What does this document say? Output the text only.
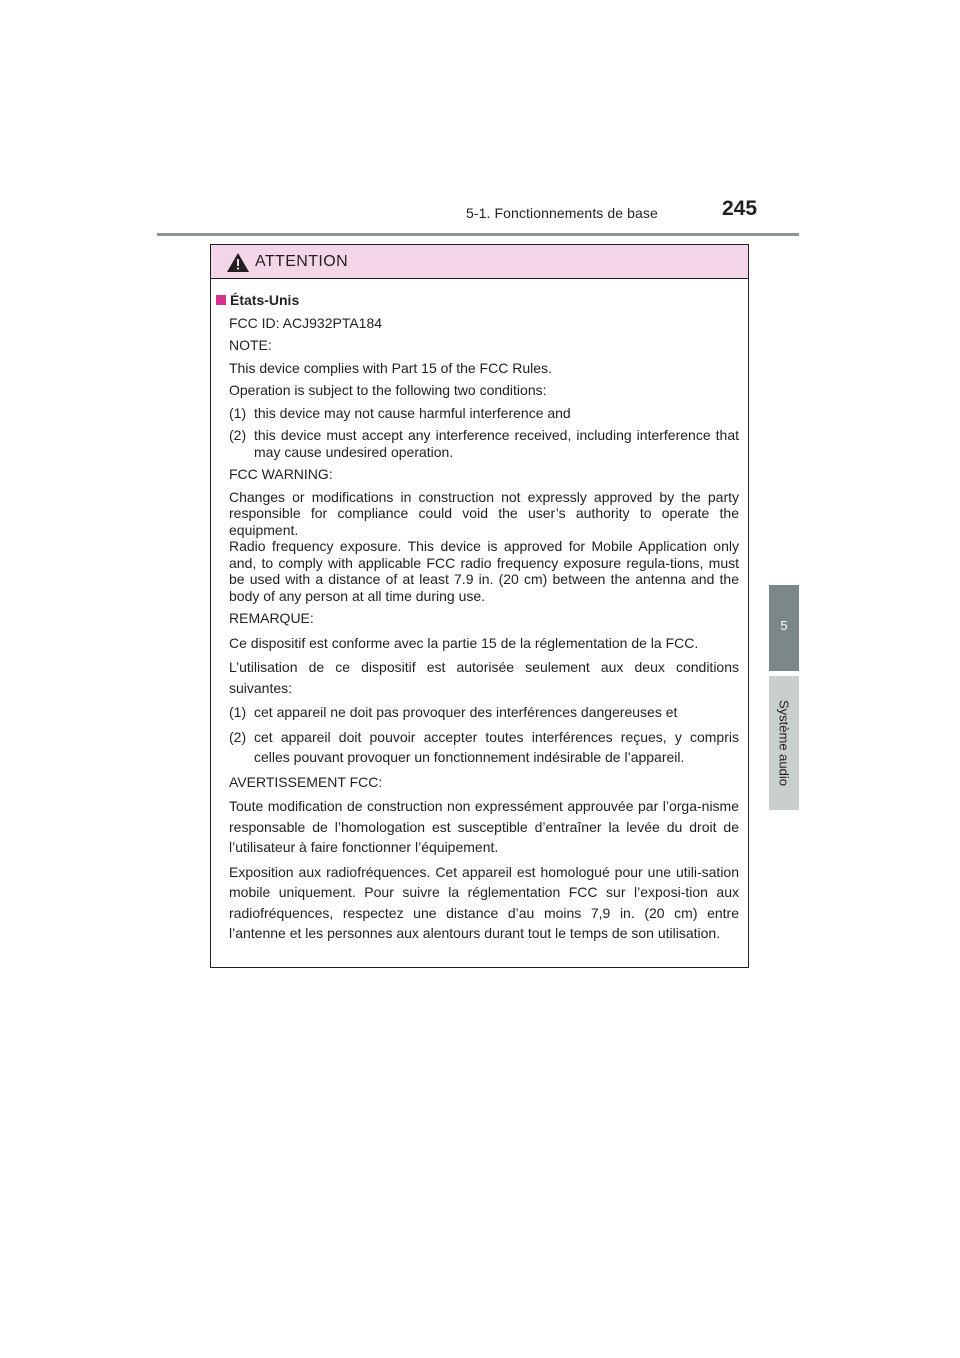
5-1. Fonctionnements de base	245
5
Système audio
ATTENTION
États-Unis

FCC ID: ACJ932PTA184

NOTE:

This device complies with Part 15 of the FCC Rules.

Operation is subject to the following two conditions:

(1) this device may not cause harmful interference and
(2) this device must accept any interference received, including interference that may cause undesired operation.

FCC WARNING:

Changes or modifications in construction not expressly approved by the party responsible for compliance could void the user’s authority to operate the equipment.

Radio frequency exposure. This device is approved for Mobile Application only and, to comply with applicable FCC radio frequency exposure regula-tions, must be used with a distance of at least 7.9 in. (20 cm) between the antenna and the body of any person at all time during use.

REMARQUE:

Ce dispositif est conforme avec la partie 15 de la réglementation de la FCC.

L’utilisation de ce dispositif est autorisée seulement aux deux conditions suivantes:

(1) cet appareil ne doit pas provoquer des interférences dangereuses et
(2) cet appareil doit pouvoir accepter toutes interférences reçues, y compris celles pouvant provoquer un fonctionnement indésirable de l’appareil.

AVERTISSEMENT FCC:

Toute modification de construction non expressément approuvée par l’orga-nisme responsable de l’homologation est susceptible d’entraîner la levée du droit de l’utilisateur à faire fonctionner l’équipement.

Exposition aux radiofréquences. Cet appareil est homologué pour une utili-sation mobile uniquement. Pour suivre la réglementation FCC sur l’exposi-tion aux radiofréquences, respectez une distance d’au moins 7,9 in. (20 cm) entre l’antenne et les personnes aux alentours durant tout le temps de son utilisation.
